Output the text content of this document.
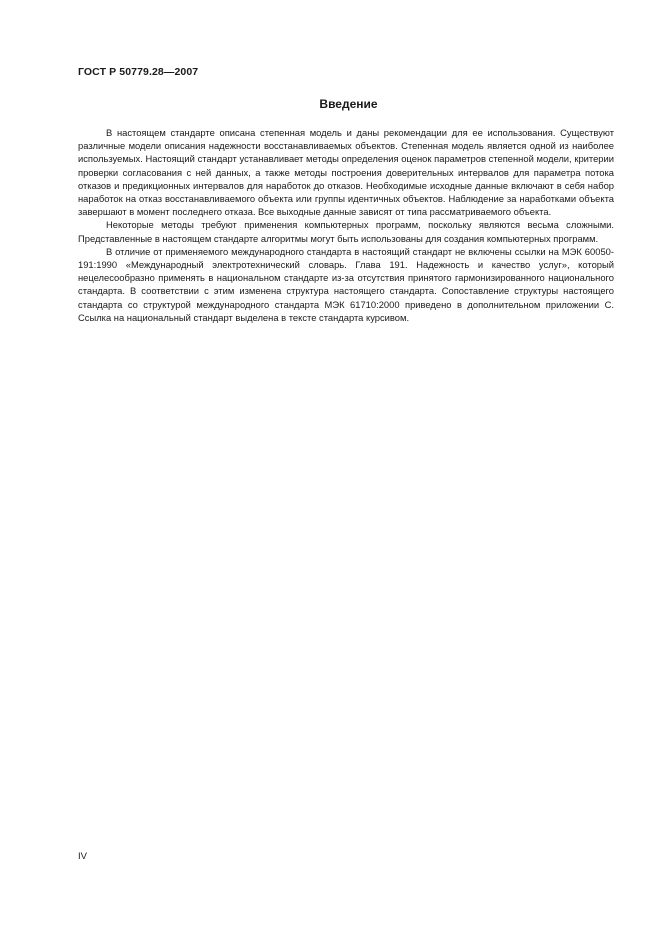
ГОСТ Р 50779.28—2007
Введение

В настоящем стандарте описана степенная модель и даны рекомендации для ее использования. Существуют различные модели описания надежности восстанавливаемых объектов. Степенная модель является одной из наиболее используемых. Настоящий стандарт устанавливает методы определения оценок параметров степенной модели, критерии проверки согласования с ней данных, а также методы построения доверительных интервалов для параметра потока отказов и предикционных интервалов для наработок до отказов. Необходимые исходные данные включают в себя набор наработок на отказ восстанавливаемого объекта или группы идентичных объектов. Наблюдение за наработками объекта завершают в момент последнего отказа. Все выходные данные зависят от типа рассматриваемого объекта.

Некоторые методы требуют применения компьютерных программ, поскольку являются весьма сложными. Представленные в настоящем стандарте алгоритмы могут быть использованы для создания компьютерных программ.

В отличие от применяемого международного стандарта в настоящий стандарт не включены ссылки на МЭК 60050-191:1990 «Международный электротехнический словарь. Глава 191. Надежность и качество услуг», который нецелесообразно применять в национальном стандарте из-за отсутствия принятого гармонизированного национального стандарта. В соответствии с этим изменена структура настоящего стандарта. Сопоставление структуры настоящего стандарта со структурой международного стандарта МЭК 61710:2000 приведено в дополнительном приложении С. Ссылка на национальный стандарт выделена в тексте стандарта курсивом.

IV
